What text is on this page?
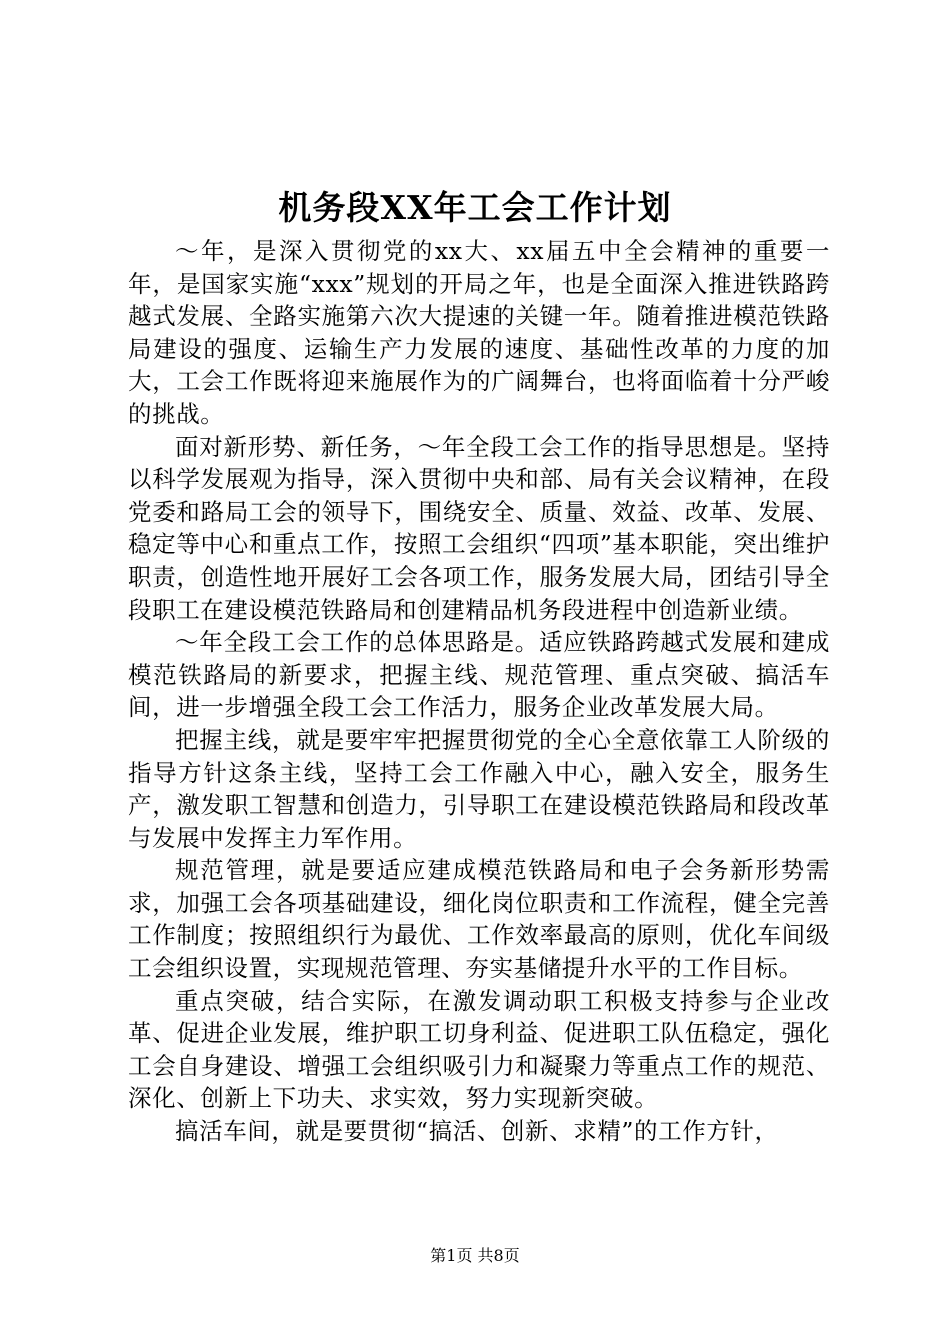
机务段XX年工会工作计划

～年，是深入贯彻党的xx大、xx届五中全会精神的重要一年，是国家实施“xxx”规划的开局之年，也是全面深入推进铁路跨越式发展、全路实施第六次大提速的关键一年。随着推进模范铁路局建设的强度、运输生产力发展的速度、基础性改革的力度的加大，工会工作既将迎来施展作为的广阔舞台，也将面临着十分严峻的挑战。

面对新形势、新任务，～年全段工会工作的指导思想是。坚持以科学发展观为指导，深入贯彻中央和部、局有关会议精神，在段党委和路局工会的领导下，围绕安全、质量、效益、改革、发展、稳定等中心和重点工作，按照工会组织“四项”基本职能，突出维护职责，创造性地开展好工会各项工作，服务发展大局，团结引导全段职工在建设模范铁路局和创建精品机务段进程中创造新业绩。

～年全段工会工作的总体思路是。适应铁路跨越式发展和建成模范铁路局的新要求，把握主线、规范管理、重点突破、搞活车间，进一步增强全段工会工作活力，服务企业改革发展大局。

把握主线，就是要牢牢把握贯彻党的全心全意依靠工人阶级的指导方针这条主线，坚持工会工作融入中心，融入安全，服务生产，激发职工智慧和创造力，引导职工在建设模范铁路局和段改革与发展中发挥主力军作用。

规范管理，就是要适应建成模范铁路局和电子会务新形势需求，加强工会各项基础建设，细化岗位职责和工作流程，健全完善工作制度；按照组织行为最优、工作效率最高的原则，优化车间级工会组织设置，实现规范管理、夯实基储提升水平的工作目标。

重点突破，结合实际，在激发调动职工积极支持参与企业改革、促进企业发展，维护职工切身利益、促进职工队伍稳定，强化工会自身建设、增强工会组织吸引力和凝聚力等重点工作的规范、深化、创新上下功夫、求实效，努力实现新突破。

搞活车间，就是要贯彻“搞活、创新、求精”的工作方针，

第1页 共8页
